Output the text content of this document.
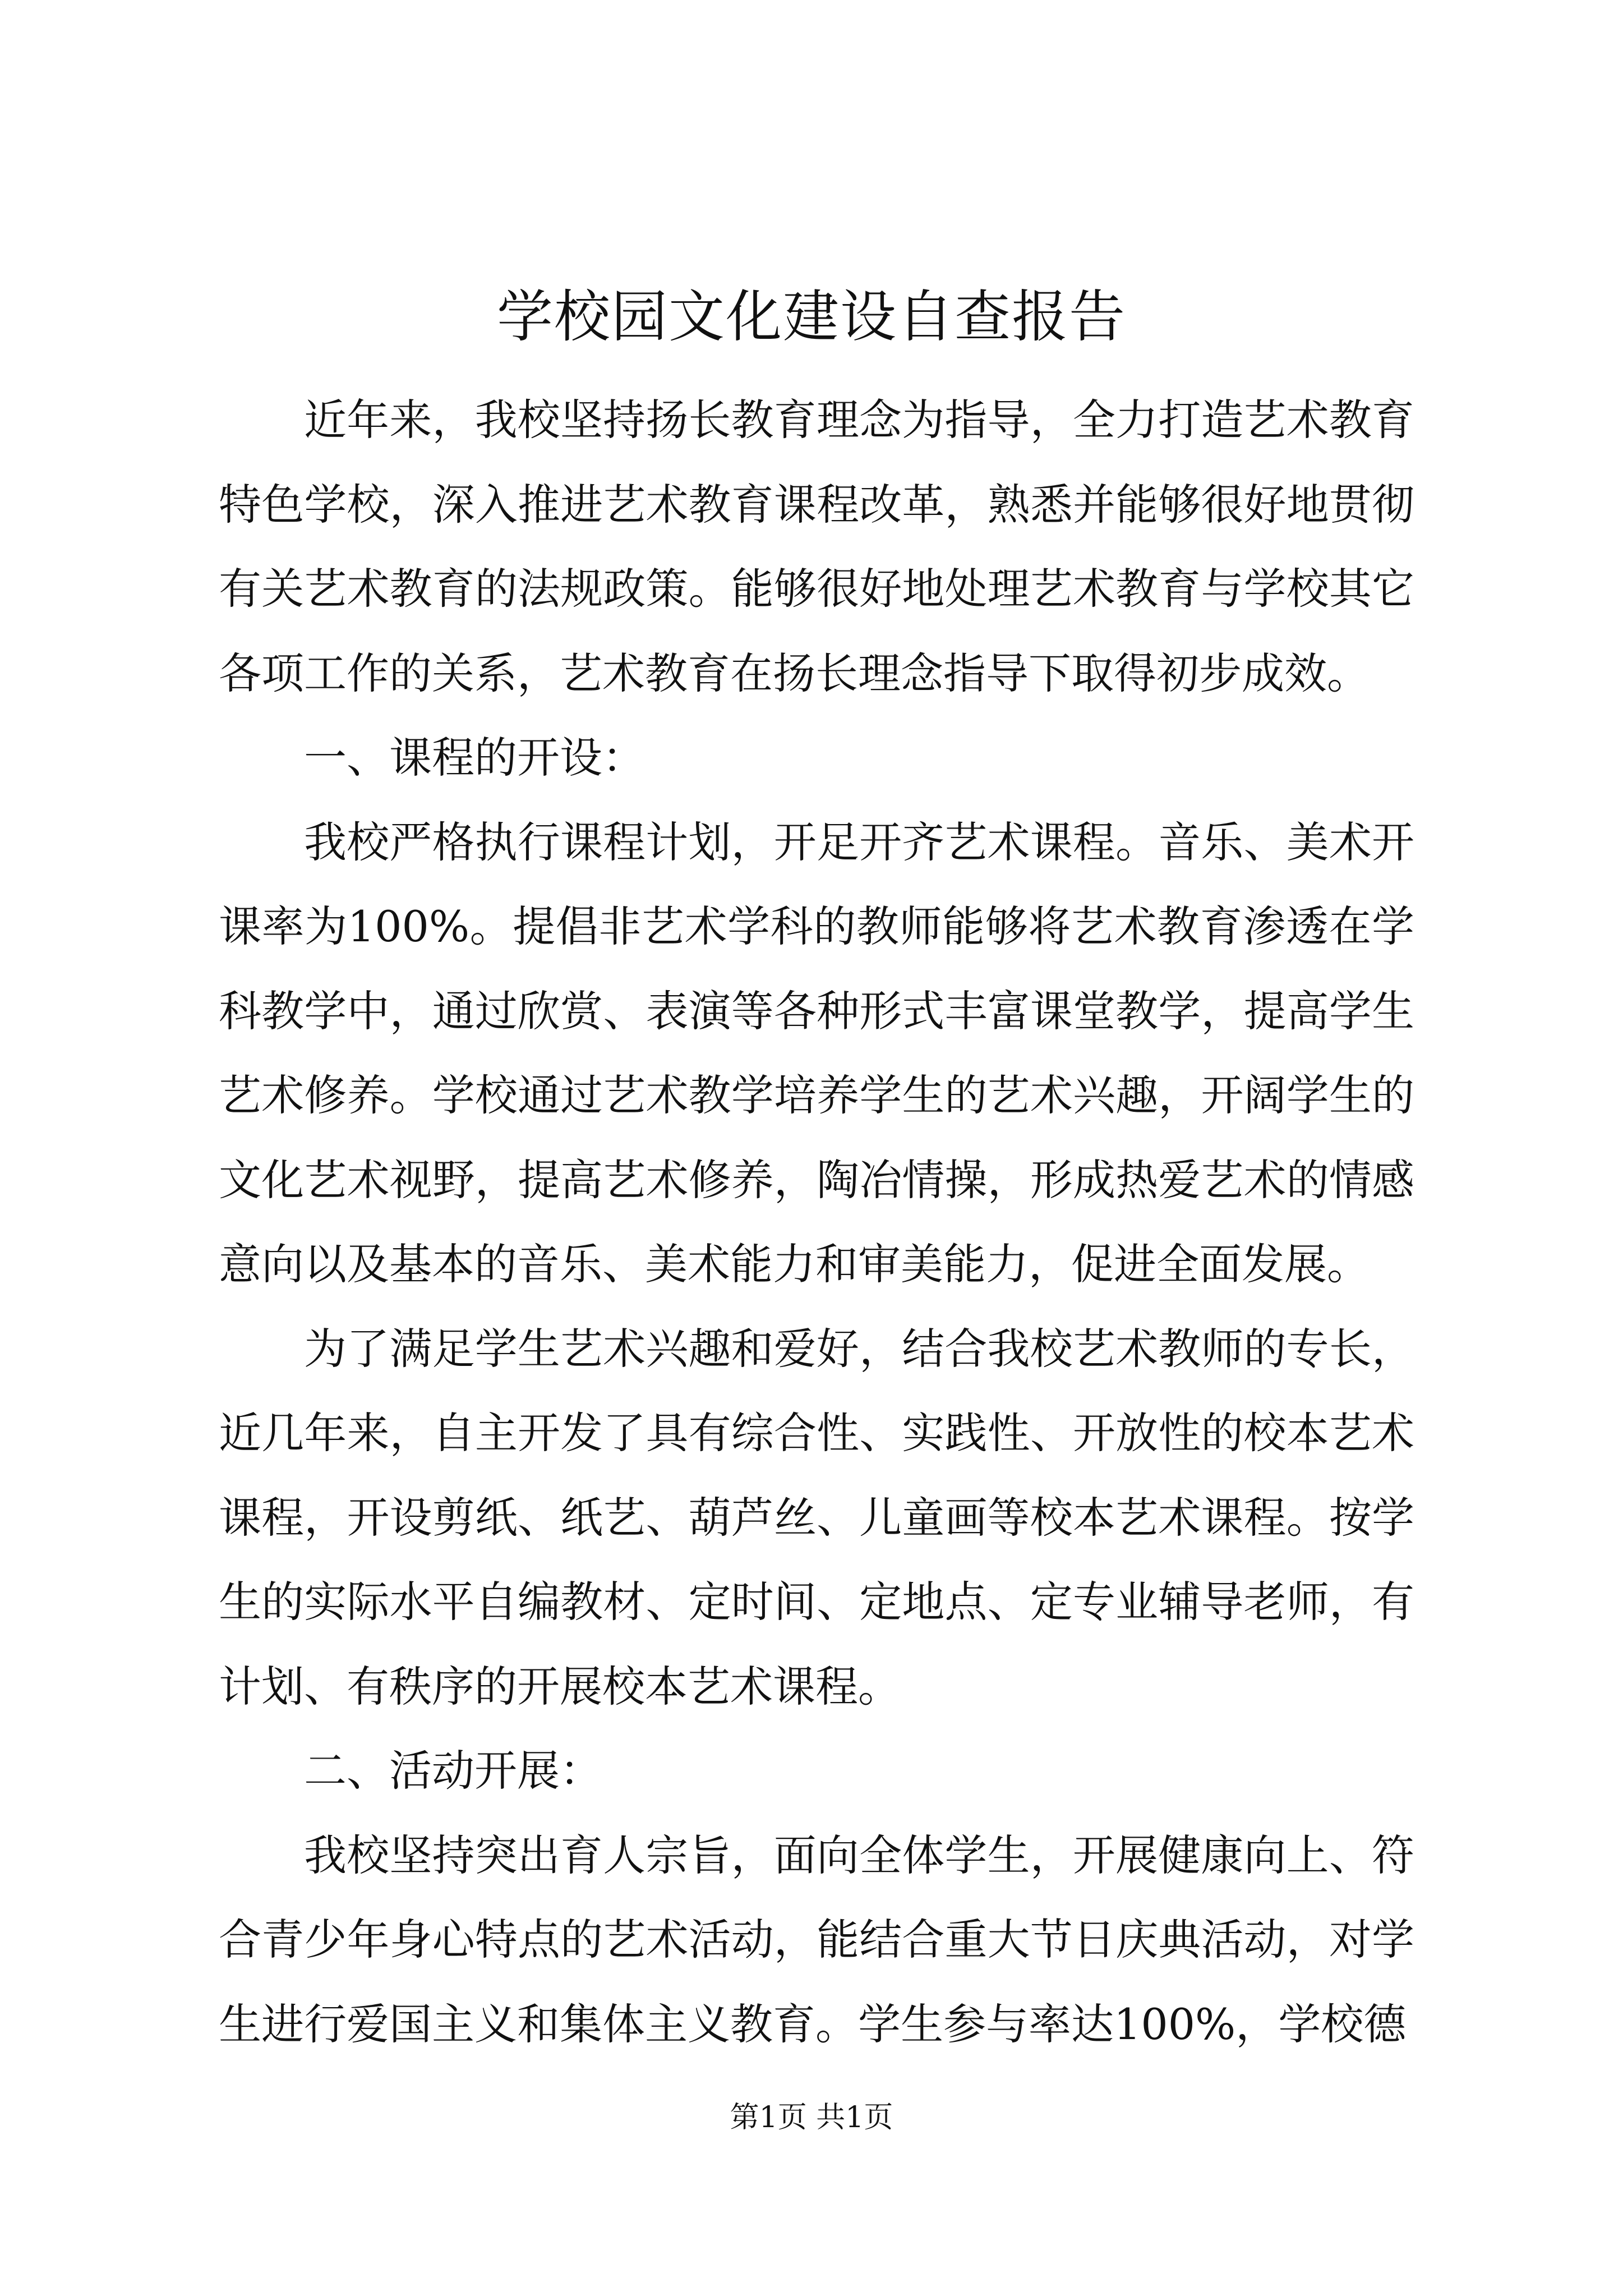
学校园文化建设自查报告

近年来，我校坚持扬长教育理念为指导，全力打造艺术教育特色学校，深入推进艺术教育课程改革，熟悉并能够很好地贯彻有关艺术教育的法规政策。能够很好地处理艺术教育与学校其它各项工作的关系，艺术教育在扬长理念指导下取得初步成效。

一、课程的开设：

我校严格执行课程计划，开足开齐艺术课程。音乐、美术开课率为100%。提倡非艺术学科的教师能够将艺术教育渗透在学科教学中，通过欣赏、表演等各种形式丰富课堂教学，提高学生艺术修养。学校通过艺术教学培养学生的艺术兴趣，开阔学生的文化艺术视野，提高艺术修养，陶冶情操，形成热爱艺术的情感意向以及基本的音乐、美术能力和审美能力，促进全面发展。

为了满足学生艺术兴趣和爱好，结合我校艺术教师的专长，近几年来，自主开发了具有综合性、实践性、开放性的校本艺术课程，开设剪纸、纸艺、葫芦丝、儿童画等校本艺术课程。按学生的实际水平自编教材、定时间、定地点、定专业辅导老师，有计划、有秩序的开展校本艺术课程。

二、活动开展：

我校坚持突出育人宗旨，面向全体学生，开展健康向上、符合青少年身心特点的艺术活动，能结合重大节日庆典活动，对学生进行爱国主义和集体主义教育。学生参与率达100%，学校德

第1页 共1页
